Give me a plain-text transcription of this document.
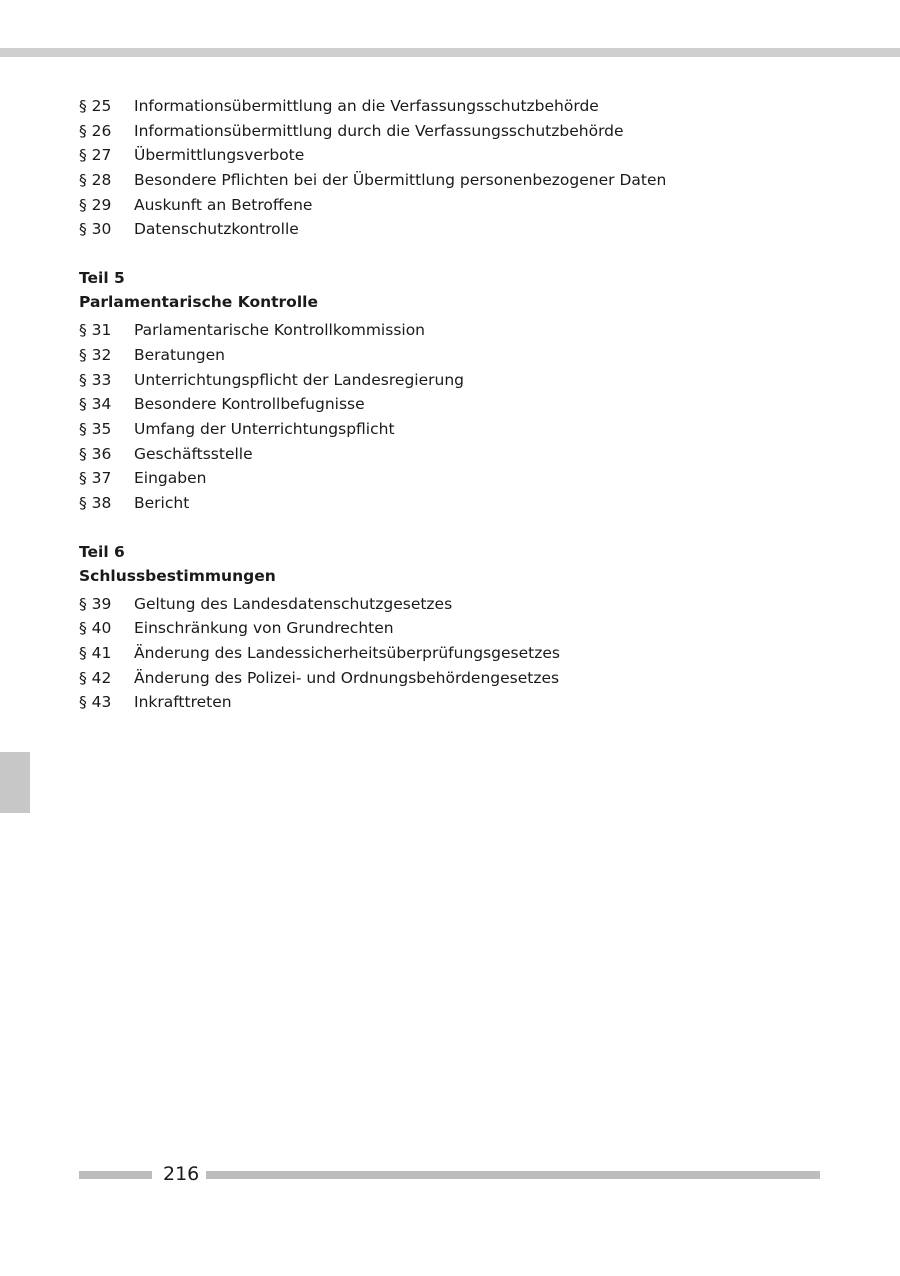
§ 25 Informationsübermittlung an die Verfassungsschutzbehörde
§ 26 Informationsübermittlung durch die Verfassungsschutzbehörde
§ 27 Übermittlungsverbote
§ 28 Besondere Pflichten bei der Übermittlung personenbezogener Daten
§ 29 Auskunft an Betroffene
§ 30 Datenschutzkontrolle
Teil 5
Parlamentarische Kontrolle
§ 31 Parlamentarische Kontrollkommission
§ 32 Beratungen
§ 33 Unterrichtungspflicht der Landesregierung
§ 34 Besondere Kontrollbefugnisse
§ 35 Umfang der Unterrichtungspflicht
§ 36 Geschäftsstelle
§ 37 Eingaben
§ 38 Bericht
Teil 6
Schlussbestimmungen
§ 39 Geltung des Landesdatenschutzgesetzes
§ 40 Einschränkung von Grundrechten
§ 41 Änderung des Landessicherheitsüberprüfungsgesetzes
§ 42 Änderung des Polizei- und Ordnungsbehördengesetzes
§ 43 Inkrafttreten
216
